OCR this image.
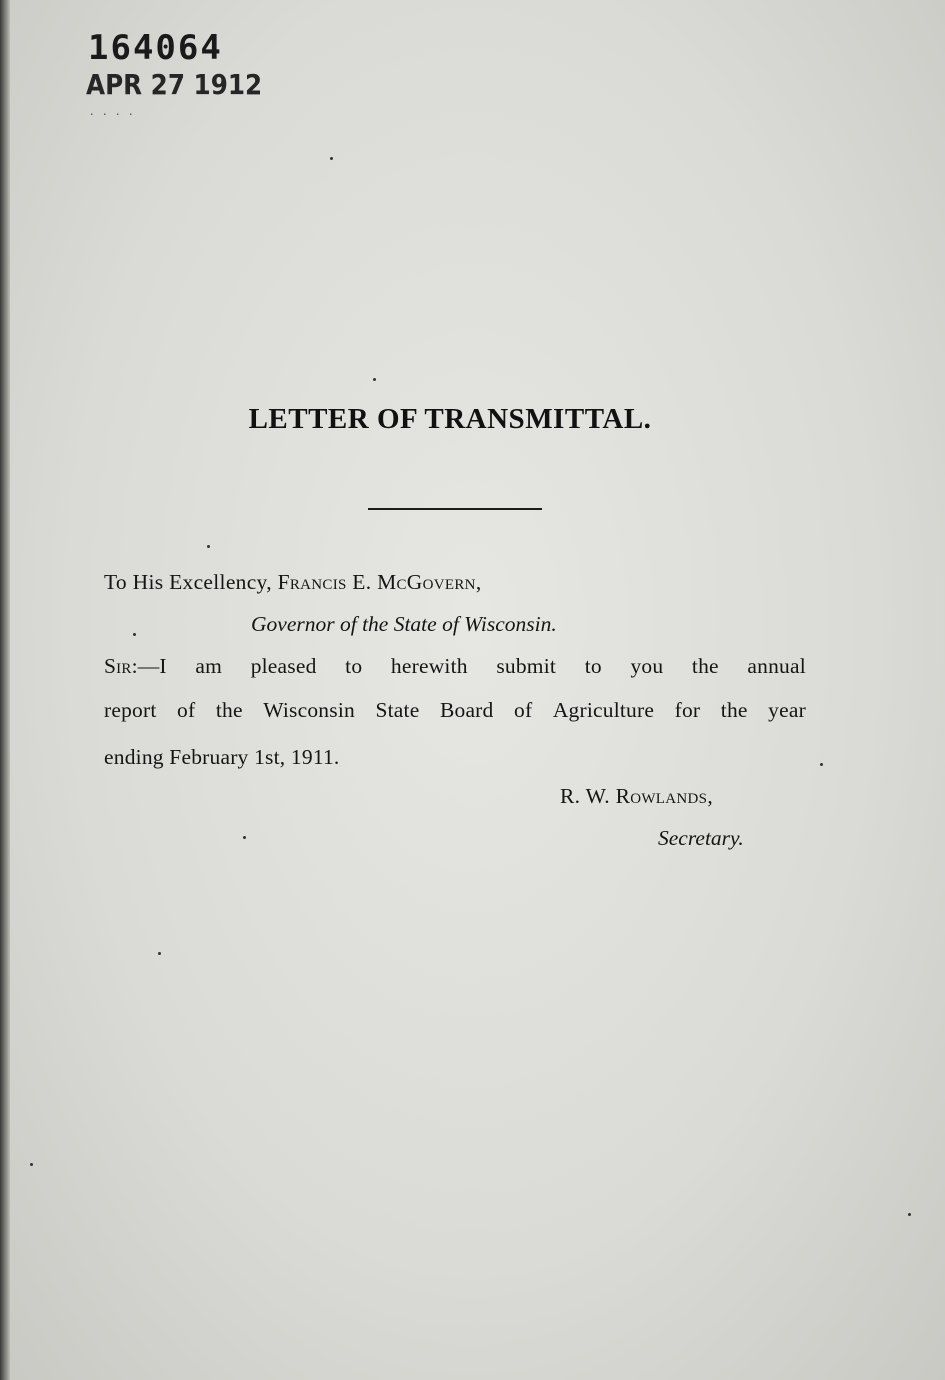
164064
APR 27 1912
. . . .
LETTER OF TRANSMITTAL.
To His Excellency, Francis E. McGovern,
Governor of the State of Wisconsin.
Sir:—I am pleased to herewith submit to you the annual
report of the Wisconsin State Board of Agriculture for the year
ending February 1st, 1911.
R. W. Rowlands,
Secretary.
